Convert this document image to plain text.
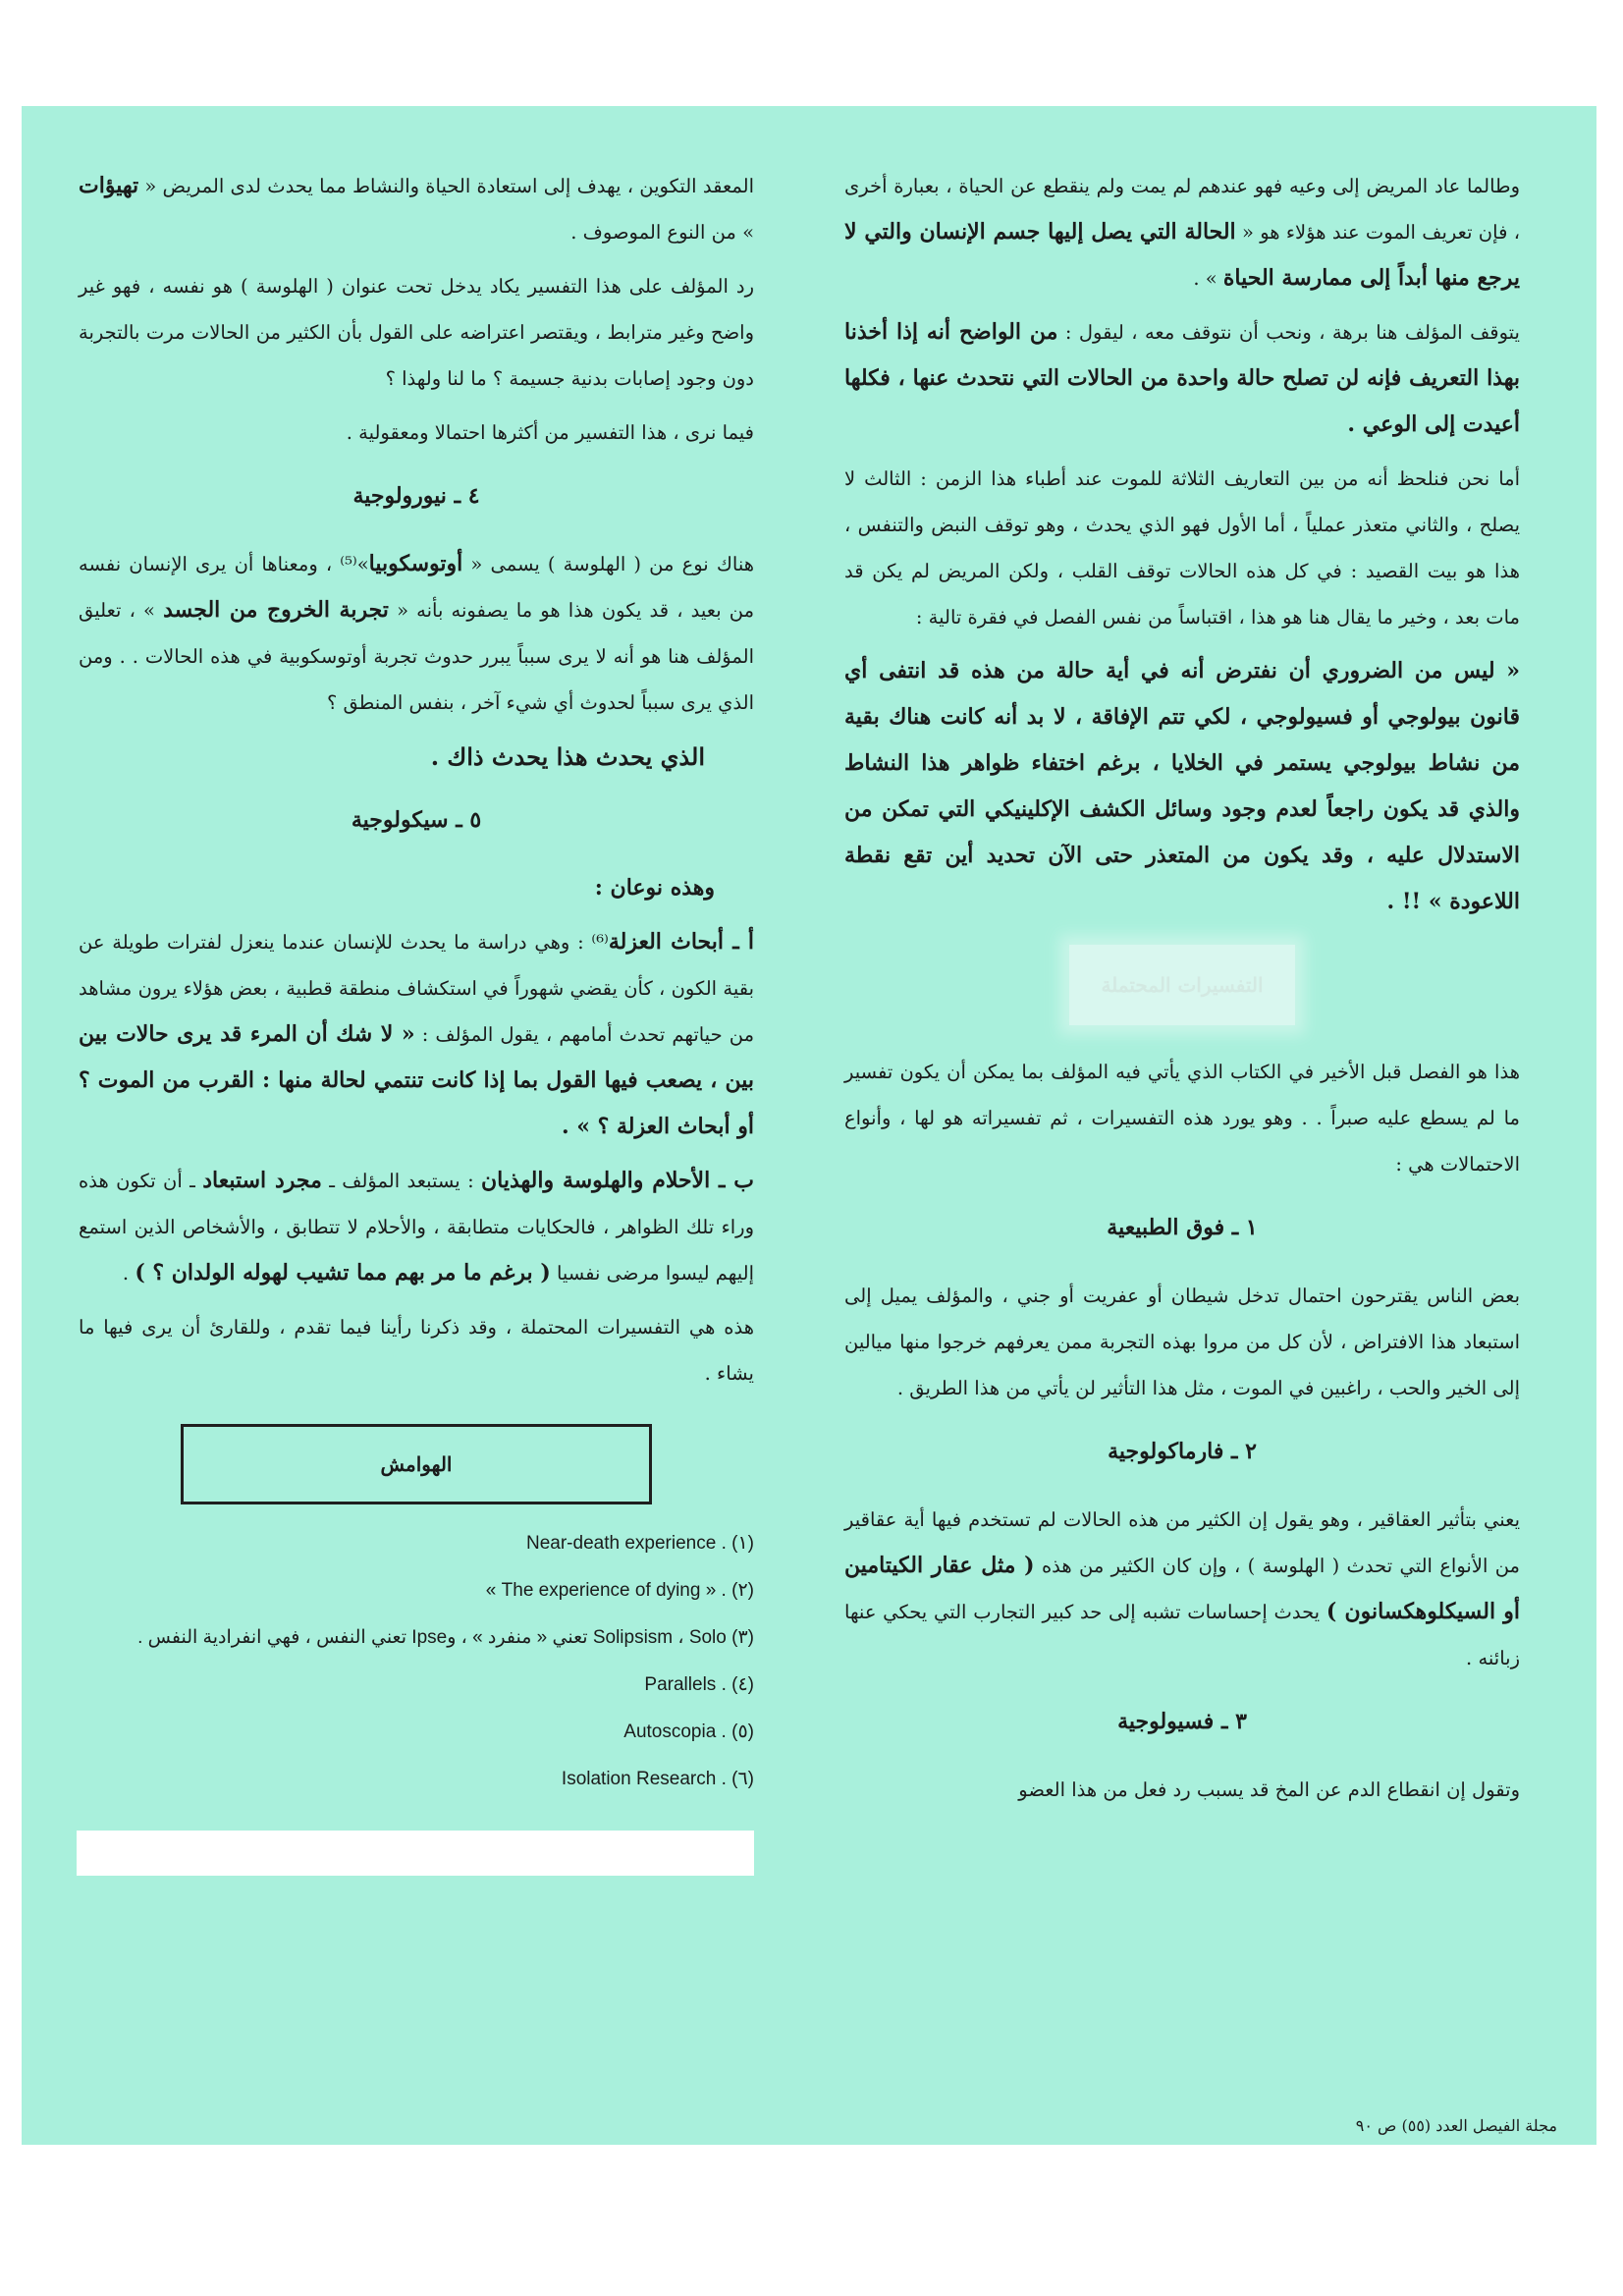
وطالما عاد المريض إلى وعيه فهو عندهم لم يمت ولم ينقطع عن الحياة ، بعبارة أخرى ، فإن تعريف الموت عند هؤلاء هو « الحالة التي يصل إليها جسم الإنسان والتي لا يرجع منها أبداً إلى ممارسة الحياة » .

يتوقف المؤلف هنا برهة ، ونحب أن نتوقف معه ، ليقول : من الواضح أنه إذا أخذنا بهذا التعريف فإنه لن تصلح حالة واحدة من الحالات التي نتحدث عنها ، فكلها أعيدت إلى الوعي .

أما نحن فنلحظ أنه من بين التعاريف الثلاثة للموت عند أطباء هذا الزمن : الثالث لا يصلح ، والثاني متعذر عملياً ، أما الأول فهو الذي يحدث ، وهو توقف النبض والتنفس ، هذا هو بيت القصيد : في كل هذه الحالات توقف القلب ، ولكن المريض لم يكن قد مات بعد ، وخير ما يقال هنا هو هذا ، اقتباساً من نفس الفصل في فقرة تالية :

« ليس من الضروري أن نفترض أنه في أية حالة من هذه قد انتفى أي قانون بيولوجي أو فسيولوجي ، لكي تتم الإفاقة ، لا بد أنه كانت هناك بقية من نشاط بيولوجي يستمر في الخلايا ، برغم اختفاء ظواهر هذا النشاط والذي قد يكون راجعاً لعدم وجود وسائل الكشف الإكلينيكي التي تمكن من الاستدلال عليه ، وقد يكون من المتعذر حتى الآن تحديد أين تقع نقطة اللاعودة » !! .

التفسيرات المحتملة

هذا هو الفصل قبل الأخير في الكتاب الذي يأتي فيه المؤلف بما يمكن أن يكون تفسير ما لم يسطع عليه صبراً . . وهو يورد هذه التفسيرات ، ثم تفسيراته هو لها ، وأنواع الاحتمالات هي :

١ ـ فوق الطبيعية

بعض الناس يقترحون احتمال تدخل شيطان أو عفريت أو جني ، والمؤلف يميل إلى استبعاد هذا الافتراض ، لأن كل من مروا بهذه التجربة ممن يعرفهم خرجوا منها ميالين إلى الخير والحب ، راغبين في الموت ، مثل هذا التأثير لن يأتي من هذا الطريق .

٢ ـ فارماكولوجية

يعني بتأثير العقاقير ، وهو يقول إن الكثير من هذه الحالات لم تستخدم فيها أية عقاقير من الأنواع التي تحدث ( الهلوسة ) ، وإن كان الكثير من هذه ( مثل عقار الكيتامين أو السيكلوهكسانون ) يحدث إحساسات تشبه إلى حد كبير التجارب التي يحكي عنها زبائنه .

٣ ـ فسيولوجية

وتقول إن انقطاع الدم عن المخ قد يسبب رد فعل من هذا العضو

المعقد التكوين ، يهدف إلى استعادة الحياة والنشاط مما يحدث لدى المريض « تهيؤات » من النوع الموصوف .

رد المؤلف على هذا التفسير يكاد يدخل تحت عنوان ( الهلوسة ) هو نفسه ، فهو غير واضح وغير مترابط ، ويقتصر اعتراضه على القول بأن الكثير من الحالات مرت بالتجربة دون وجود إصابات بدنية جسيمة ؟ ما لنا ولهذا ؟

فيما نرى ، هذا التفسير من أكثرها احتمالا ومعقولية .

٤ ـ نيورولوجية

هناك نوع من ( الهلوسة ) يسمى « أوتوسكوبيا»⁽⁵⁾ ، ومعناها أن يرى الإنسان نفسه من بعيد ، قد يكون هذا هو ما يصفونه بأنه « تجربة الخروج من الجسد » ، تعليق المؤلف هنا هو أنه لا يرى سبباً يبرر حدوث تجربة أوتوسكوبية في هذه الحالات . . ومن الذي يرى سبباً لحدوث أي شيء آخر ، بنفس المنطق ؟

الذي يحدث هذا يحدث ذاك .
٥ ـ سيكولوجية
وهذه نوعان :

أ ـ أبحاث العزلة⁽⁶⁾ : وهي دراسة ما يحدث للإنسان عندما ينعزل لفترات طويلة عن بقية الكون ، كأن يقضي شهوراً في استكشاف منطقة قطبية ، بعض هؤلاء يرون مشاهد من حياتهم تحدث أمامهم ، يقول المؤلف : « لا شك أن المرء قد يرى حالات بين بين ، يصعب فيها القول بما إذا كانت تنتمي لحالة منها : القرب من الموت ؟ أو أبحاث العزلة ؟ » .

ب ـ الأحلام والهلوسة والهذيان : يستبعد المؤلف ـ مجرد استبعاد ـ أن تكون هذه وراء تلك الظواهر ، فالحكايات متطابقة ، والأحلام لا تتطابق ، والأشخاص الذين استمع إليهم ليسوا مرضى نفسيا ( برغم ما مر بهم مما تشيب لهوله الولدان ؟ ) .

هذه هي التفسيرات المحتملة ، وقد ذكرنا رأينا فيما تقدم ، وللقارئ أن يرى فيها ما يشاء .

الهوامش

(١) Near-death experience .

(٢) « The experience of dying » .

(٣) Solipsism ، Solo تعني « منفرد » ، وIpse تعني النفس ، فهي انفرادية النفس .

(٤) Parallels .

(٥) Autoscopia .

(٦) Isolation Research .

مجلة الفيصل العدد (٥٥) ص ٩٠
